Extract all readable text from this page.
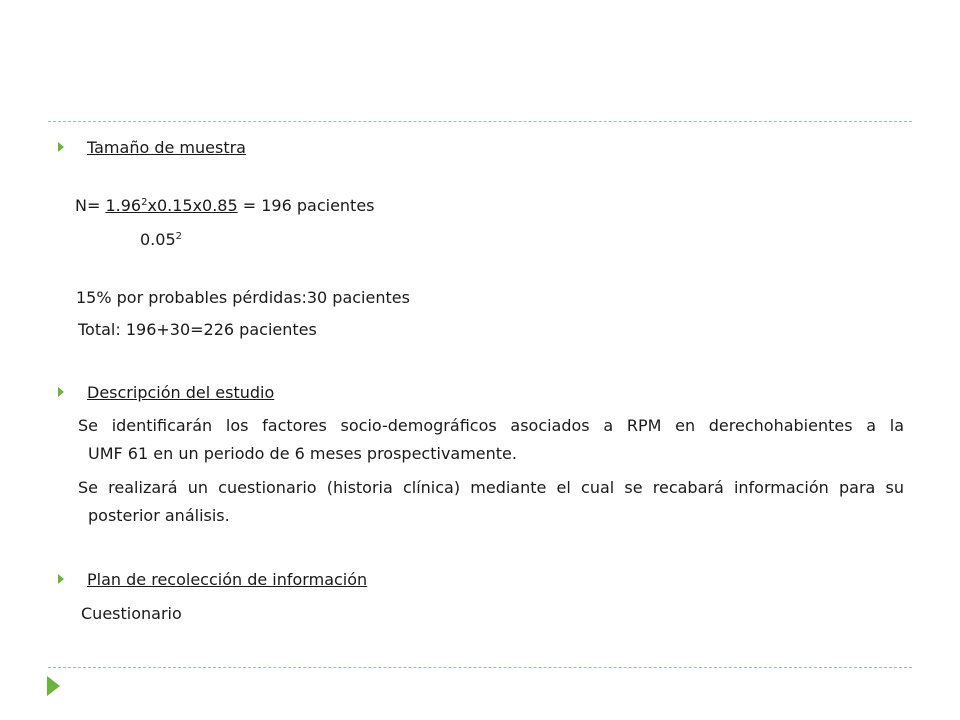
Tamaño de muestra
$N= 1.96^2x0.15x0.85 = 196$ pacientes
0.05$^2$
15% por probables pérdidas:30 pacientes
Total: 196+30=226 pacientes
Descripción del estudio
Se identificarán los factores socio-demográficos asociados a RPM en derechohabientes a la
UMF 61 en un periodo de 6 meses prospectivamente.
Se realizará un cuestionario (historia clínica) mediante el cual se recabará información para su
posterior análisis.
Plan de recolección de información
Cuestionario
